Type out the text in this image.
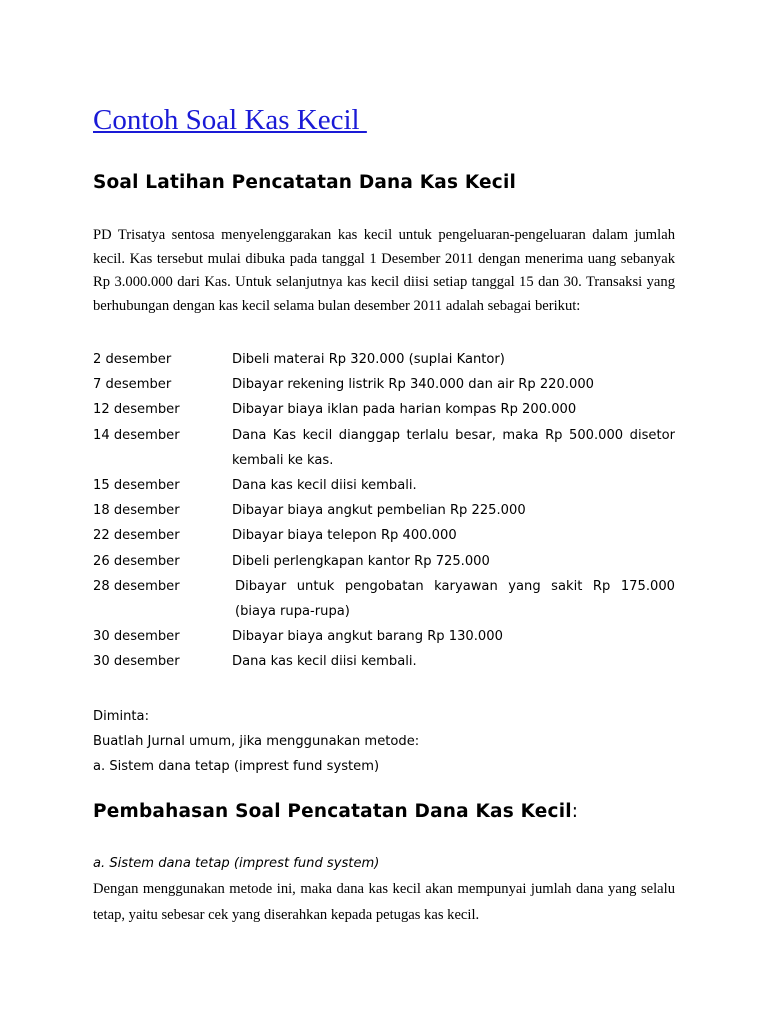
Contoh Soal Kas Kecil
Soal Latihan Pencatatan Dana Kas Kecil
PD Trisatya sentosa menyelenggarakan kas kecil untuk pengeluaran-pengeluaran dalam jumlah kecil. Kas tersebut mulai dibuka pada tanggal 1 Desember 2011 dengan menerima uang sebanyak Rp 3.000.000 dari Kas. Untuk selanjutnya kas kecil diisi setiap tanggal 15 dan 30. Transaksi yang berhubungan dengan kas kecil selama bulan desember 2011 adalah sebagai berikut:
2 desember	Dibeli materai Rp 320.000 (suplai Kantor)
7 desember	Dibayar rekening listrik Rp 340.000 dan air Rp 220.000
12 desember	Dibayar biaya iklan pada harian kompas Rp 200.000
14 desember	Dana Kas kecil dianggap terlalu besar, maka Rp 500.000 disetor kembali ke kas.
15 desember	Dana kas kecil diisi kembali.
18 desember	Dibayar biaya angkut pembelian Rp 225.000
22 desember	Dibayar biaya telepon Rp 400.000
26 desember	Dibeli perlengkapan kantor Rp 725.000
28 desember	Dibayar untuk pengobatan karyawan yang sakit Rp 175.000 (biaya rupa-rupa)
30 desember	Dibayar biaya angkut barang Rp 130.000
30 desember	Dana kas kecil diisi kembali.
Diminta:
Buatlah Jurnal umum, jika menggunakan metode:
a. Sistem dana tetap (imprest fund system)
Pembahasan Soal Pencatatan Dana Kas Kecil:
a. Sistem dana tetap (imprest fund system)
Dengan menggunakan metode ini, maka dana kas kecil akan mempunyai jumlah dana yang selalu tetap, yaitu sebesar cek yang diserahkan kepada petugas kas kecil.
